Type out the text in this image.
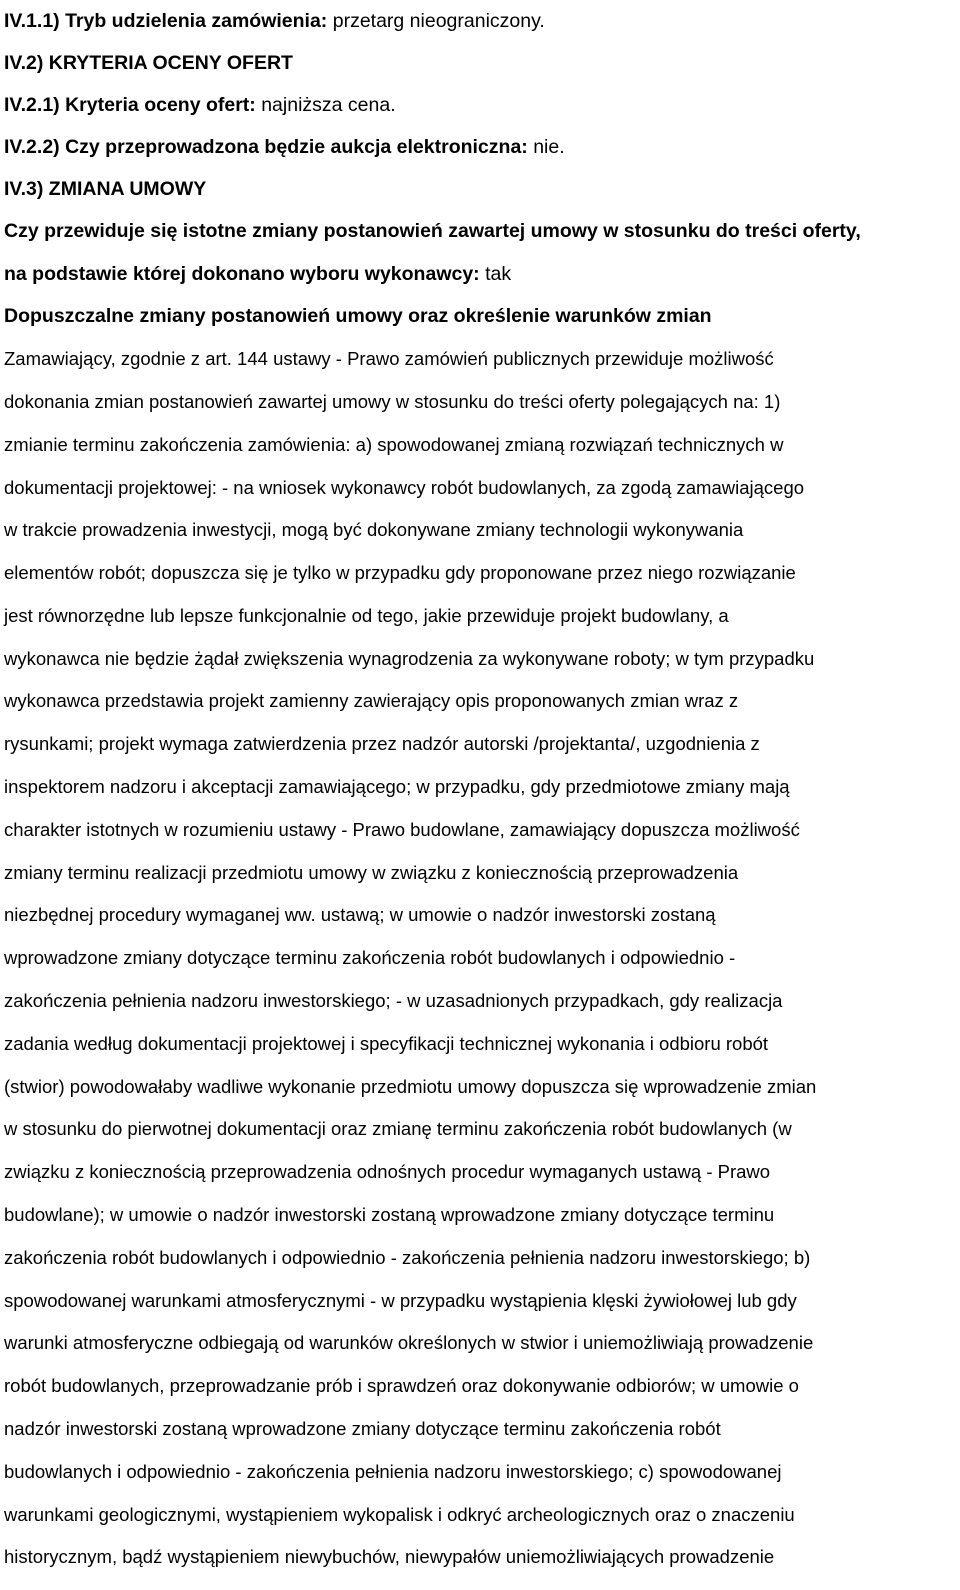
IV.1.1) Tryb udzielenia zamówienia: przetarg nieograniczony.
IV.2) KRYTERIA OCENY OFERT
IV.2.1) Kryteria oceny ofert: najniższa cena.
IV.2.2) Czy przeprowadzona będzie aukcja elektroniczna: nie.
IV.3) ZMIANA UMOWY
Czy przewiduje się istotne zmiany postanowień zawartej umowy w stosunku do treści oferty,
na podstawie której dokonano wyboru wykonawcy: tak
Dopuszczalne zmiany postanowień umowy oraz określenie warunków zmian
Zamawiający, zgodnie z art. 144 ustawy - Prawo zamówień publicznych przewiduje możliwość
dokonania zmian postanowień zawartej umowy w stosunku do treści oferty polegających na: 1)
zmianie terminu zakończenia zamówienia: a) spowodowanej zmianą rozwiązań technicznych w
dokumentacji projektowej: - na wniosek wykonawcy robót budowlanych, za zgodą zamawiającego
w trakcie prowadzenia inwestycji, mogą być dokonywane zmiany technologii wykonywania
elementów robót; dopuszcza się je tylko w przypadku gdy proponowane przez niego rozwiązanie
jest równorzędne lub lepsze funkcjonalnie od tego, jakie przewiduje projekt budowlany, a
wykonawca nie będzie żądał zwiększenia wynagrodzenia za wykonywane roboty; w tym przypadku
wykonawca przedstawia projekt zamienny zawierający opis proponowanych zmian wraz z
rysunkami; projekt wymaga zatwierdzenia przez nadzór autorski /projektanta/, uzgodnienia z
inspektorem nadzoru i akceptacji zamawiającego; w przypadku, gdy przedmiotowe zmiany mają
charakter istotnych w rozumieniu ustawy - Prawo budowlane, zamawiający dopuszcza możliwość
zmiany terminu realizacji przedmiotu umowy w związku z koniecznością przeprowadzenia
niezbędnej procedury wymaganej ww. ustawą; w umowie o nadzór inwestorski zostaną
wprowadzone zmiany dotyczące terminu zakończenia robót budowlanych i odpowiednio -
zakończenia pełnienia nadzoru inwestorskiego; - w uzasadnionych przypadkach, gdy realizacja
zadania według dokumentacji projektowej i specyfikacji technicznej wykonania i odbioru robót
(stwior) powodowałaby wadliwe wykonanie przedmiotu umowy dopuszcza się wprowadzenie zmian
w stosunku do pierwotnej dokumentacji oraz zmianę terminu zakończenia robót budowlanych (w
związku z koniecznością przeprowadzenia odnośnych procedur wymaganych ustawą - Prawo
budowlane); w umowie o nadzór inwestorski zostaną wprowadzone zmiany dotyczące terminu
zakończenia robót budowlanych i odpowiednio - zakończenia pełnienia nadzoru inwestorskiego; b)
spowodowanej warunkami atmosferycznymi - w przypadku wystąpienia klęski żywiołowej lub gdy
warunki atmosferyczne odbiegają od warunków określonych w stwior i uniemożliwiają prowadzenie
robót budowlanych, przeprowadzanie prób i sprawdzeń oraz dokonywanie odbiorów; w umowie o
nadzór inwestorski zostaną wprowadzone zmiany dotyczące terminu zakończenia robót
budowlanych i odpowiednio - zakończenia pełnienia nadzoru inwestorskiego; c) spowodowanej
warunkami geologicznymi, wystąpieniem wykopalisk i odkryć archeologicznych oraz o znaczeniu
historycznym, bądź wystąpieniem niewybuchów, niewypałów uniemożliwiających prowadzenie
